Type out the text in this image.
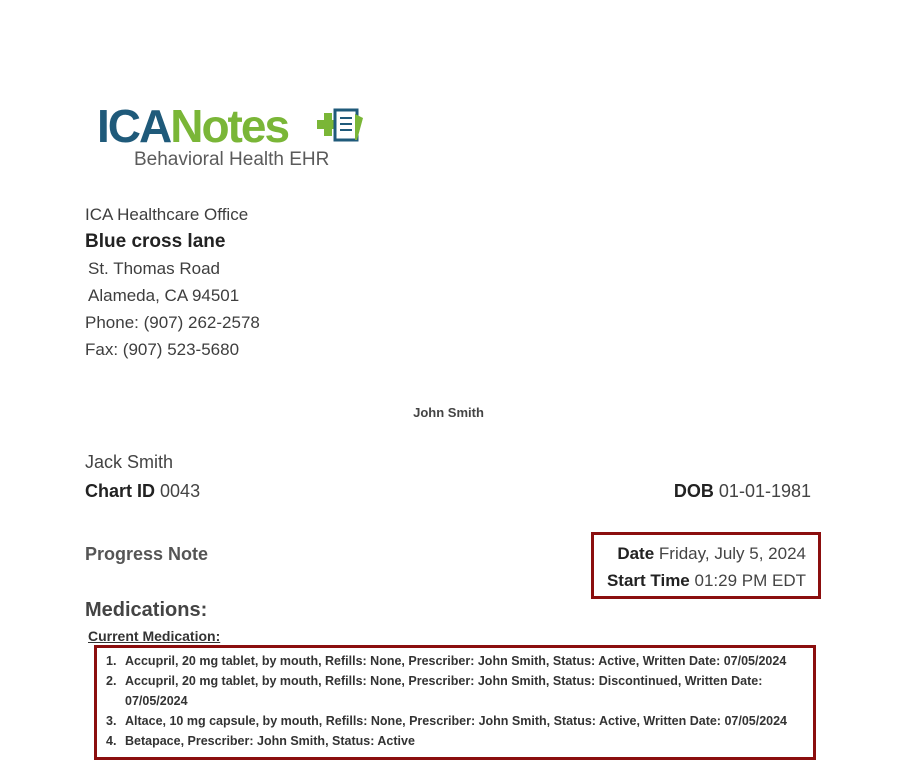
ICANotes
Behavioral Health EHR
ICA Healthcare Office
Blue cross lane
St. Thomas Road
Alameda, CA 94501
Phone: (907) 262-2578
Fax: (907) 523-5680
John Smith
Jack Smith
Chart ID 0043	DOB 01-01-1981
Progress Note	Date Friday, July 5, 2024
Start Time 01:29 PM EDT
Medications:
Current Medication:
1. Accupril, 20 mg tablet, by mouth, Refills: None, Prescriber: John Smith, Status: Active, Written Date: 07/05/2024
2. Accupril, 20 mg tablet, by mouth, Refills: None, Prescriber: John Smith, Status: Discontinued, Written Date: 07/05/2024
3. Altace, 10 mg capsule, by mouth, Refills: None, Prescriber: John Smith, Status: Active, Written Date: 07/05/2024
4. Betapace, Prescriber: John Smith, Status: Active
